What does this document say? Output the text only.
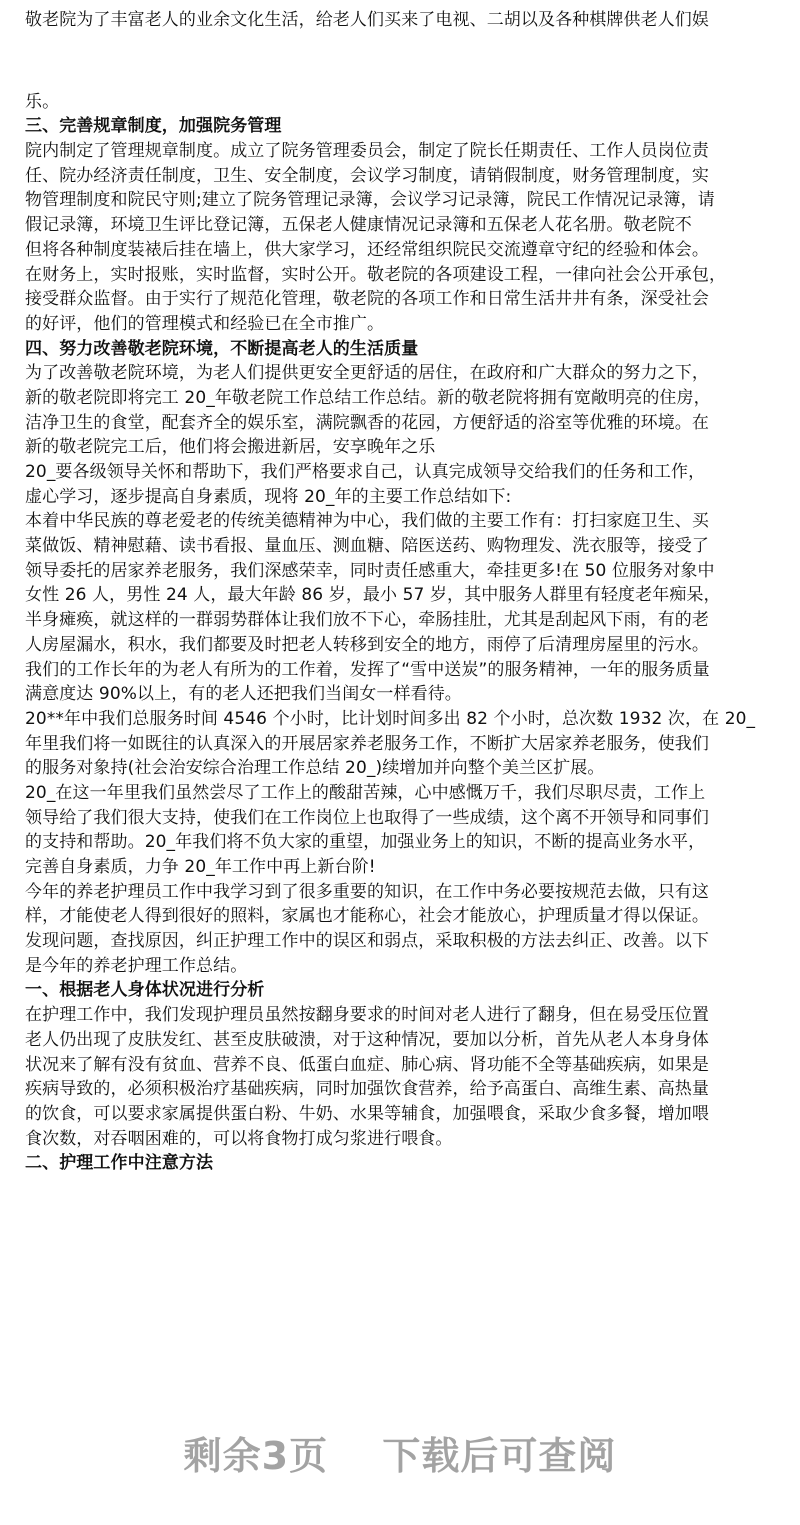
敬老院为了丰富老人的业余文化生活，给老人们买来了电视、二胡以及各种棋牌供老人们娱
乐。
三、完善规章制度，加强院务管理
院内制定了管理规章制度。成立了院务管理委员会，制定了院长任期责任、工作人员岗位责
任、院办经济责任制度，卫生、安全制度，会议学习制度，请销假制度，财务管理制度，实
物管理制度和院民守则;建立了院务管理记录簿，会议学习记录簿，院民工作情况记录簿，请
假记录簿，环境卫生评比登记簿，五保老人健康情况记录簿和五保老人花名册。敬老院不
但将各种制度装裱后挂在墙上，供大家学习，还经常组织院民交流遵章守纪的经验和体会。
在财务上，实时报账，实时监督，实时公开。敬老院的各项建设工程，一律向社会公开承包，
接受群众监督。由于实行了规范化管理，敬老院的各项工作和日常生活井井有条，深受社会
的好评，他们的管理模式和经验已在全市推广。
四、努力改善敬老院环境，不断提高老人的生活质量
为了改善敬老院环境，为老人们提供更安全更舒适的居住，在政府和广大群众的努力之下，
新的敬老院即将完工 20_年敬老院工作总结工作总结。新的敬老院将拥有宽敞明亮的住房，
洁净卫生的食堂，配套齐全的娱乐室，满院飘香的花园，方便舒适的浴室等优雅的环境。在
新的敬老院完工后，他们将会搬进新居，安享晚年之乐
20_要各级领导关怀和帮助下，我们严格要求自己，认真完成领导交给我们的任务和工作，
虚心学习，逐步提高自身素质，现将 20_年的主要工作总结如下:
本着中华民族的尊老爱老的传统美德精神为中心，我们做的主要工作有：打扫家庭卫生、买
菜做饭、精神慰藉、读书看报、量血压、测血糖、陪医送药、购物理发、洗衣服等，接受了
领导委托的居家养老服务，我们深感荣幸，同时责任感重大，牵挂更多!在 50 位服务对象中
女性 26 人，男性 24 人，最大年龄 86 岁，最小 57 岁，其中服务人群里有轻度老年痴呆，
半身瘫痪，就这样的一群弱势群体让我们放不下心，牵肠挂肚，尤其是刮起风下雨，有的老
人房屋漏水，积水，我们都要及时把老人转移到安全的地方，雨停了后清理房屋里的污水。
我们的工作长年的为老人有所为的工作着，发挥了“雪中送炭”的服务精神，一年的服务质量
满意度达 90%以上，有的老人还把我们当闺女一样看待。
20**年中我们总服务时间 4546 个小时，比计划时间多出 82 个小时，总次数 1932 次，在 20_
年里我们将一如既往的认真深入的开展居家养老服务工作，不断扩大居家养老服务，使我们
的服务对象持(社会治安综合治理工作总结 20_)续增加并向整个美兰区扩展。
20_在这一年里我们虽然尝尽了工作上的酸甜苦辣，心中感慨万千，我们尽职尽责，工作上
领导给了我们很大支持，使我们在工作岗位上也取得了一些成绩，这个离不开领导和同事们
的支持和帮助。20_年我们将不负大家的重望，加强业务上的知识，不断的提高业务水平，
完善自身素质，力争 20_年工作中再上新台阶!
今年的养老护理员工作中我学习到了很多重要的知识，在工作中务必要按规范去做，只有这
样，才能使老人得到很好的照料，家属也才能称心，社会才能放心，护理质量才得以保证。
发现问题，查找原因，纠正护理工作中的误区和弱点，采取积极的方法去纠正、改善。以下
是今年的养老护理工作总结。
一、根据老人身体状况进行分析
在护理工作中，我们发现护理员虽然按翻身要求的时间对老人进行了翻身，但在易受压位置
老人仍出现了皮肤发红、甚至皮肤破溃，对于这种情况，要加以分析，首先从老人本身身体
状况来了解有没有贫血、营养不良、低蛋白血症、肺心病、肾功能不全等基础疾病，如果是
疾病导致的，必须积极治疗基础疾病，同时加强饮食营养，给予高蛋白、高维生素、高热量
的饮食，可以要求家属提供蛋白粉、牛奶、水果等辅食，加强喂食，采取少食多餐，增加喂
食次数，对吞咽困难的，可以将食物打成匀浆进行喂食。
二、护理工作中注意方法
剩余3页 下载后可查阅
